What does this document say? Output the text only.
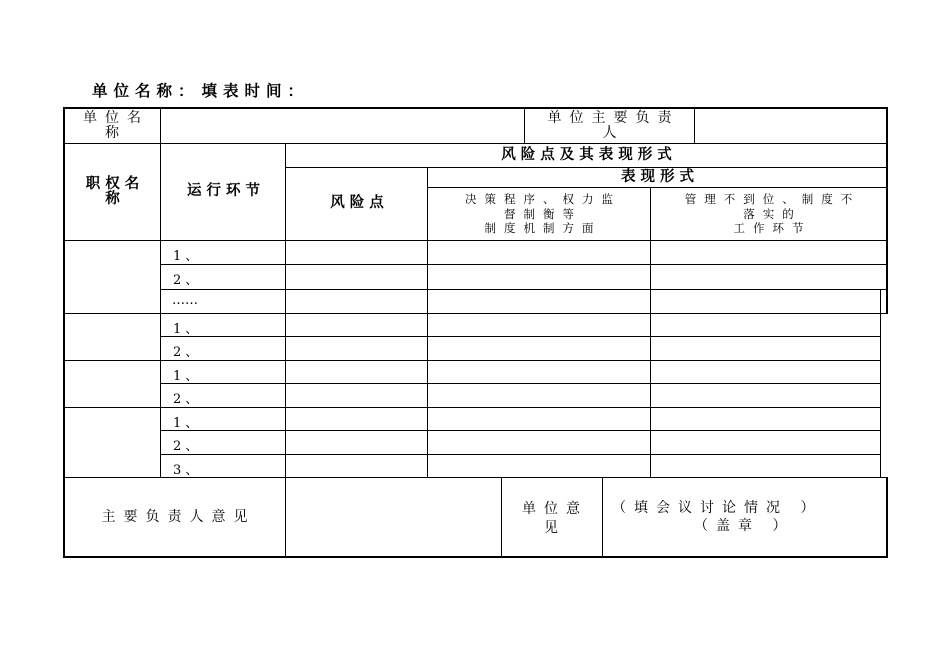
单位名称：填表时间：
单位名
称
单位主要负责
人
职权名
称	运行环节
风险点及其表现形式
风险点
表现形式
决策程序、权力监
督制衡等
制度机制方面
管理不到位、制度不
落实的
工作环节
1、
2、
……
1、
2、
1、
2、
1、
2、
3、
主要负责人意见	单位意
见
（填会议讨论情况 ）
（盖章 ）
